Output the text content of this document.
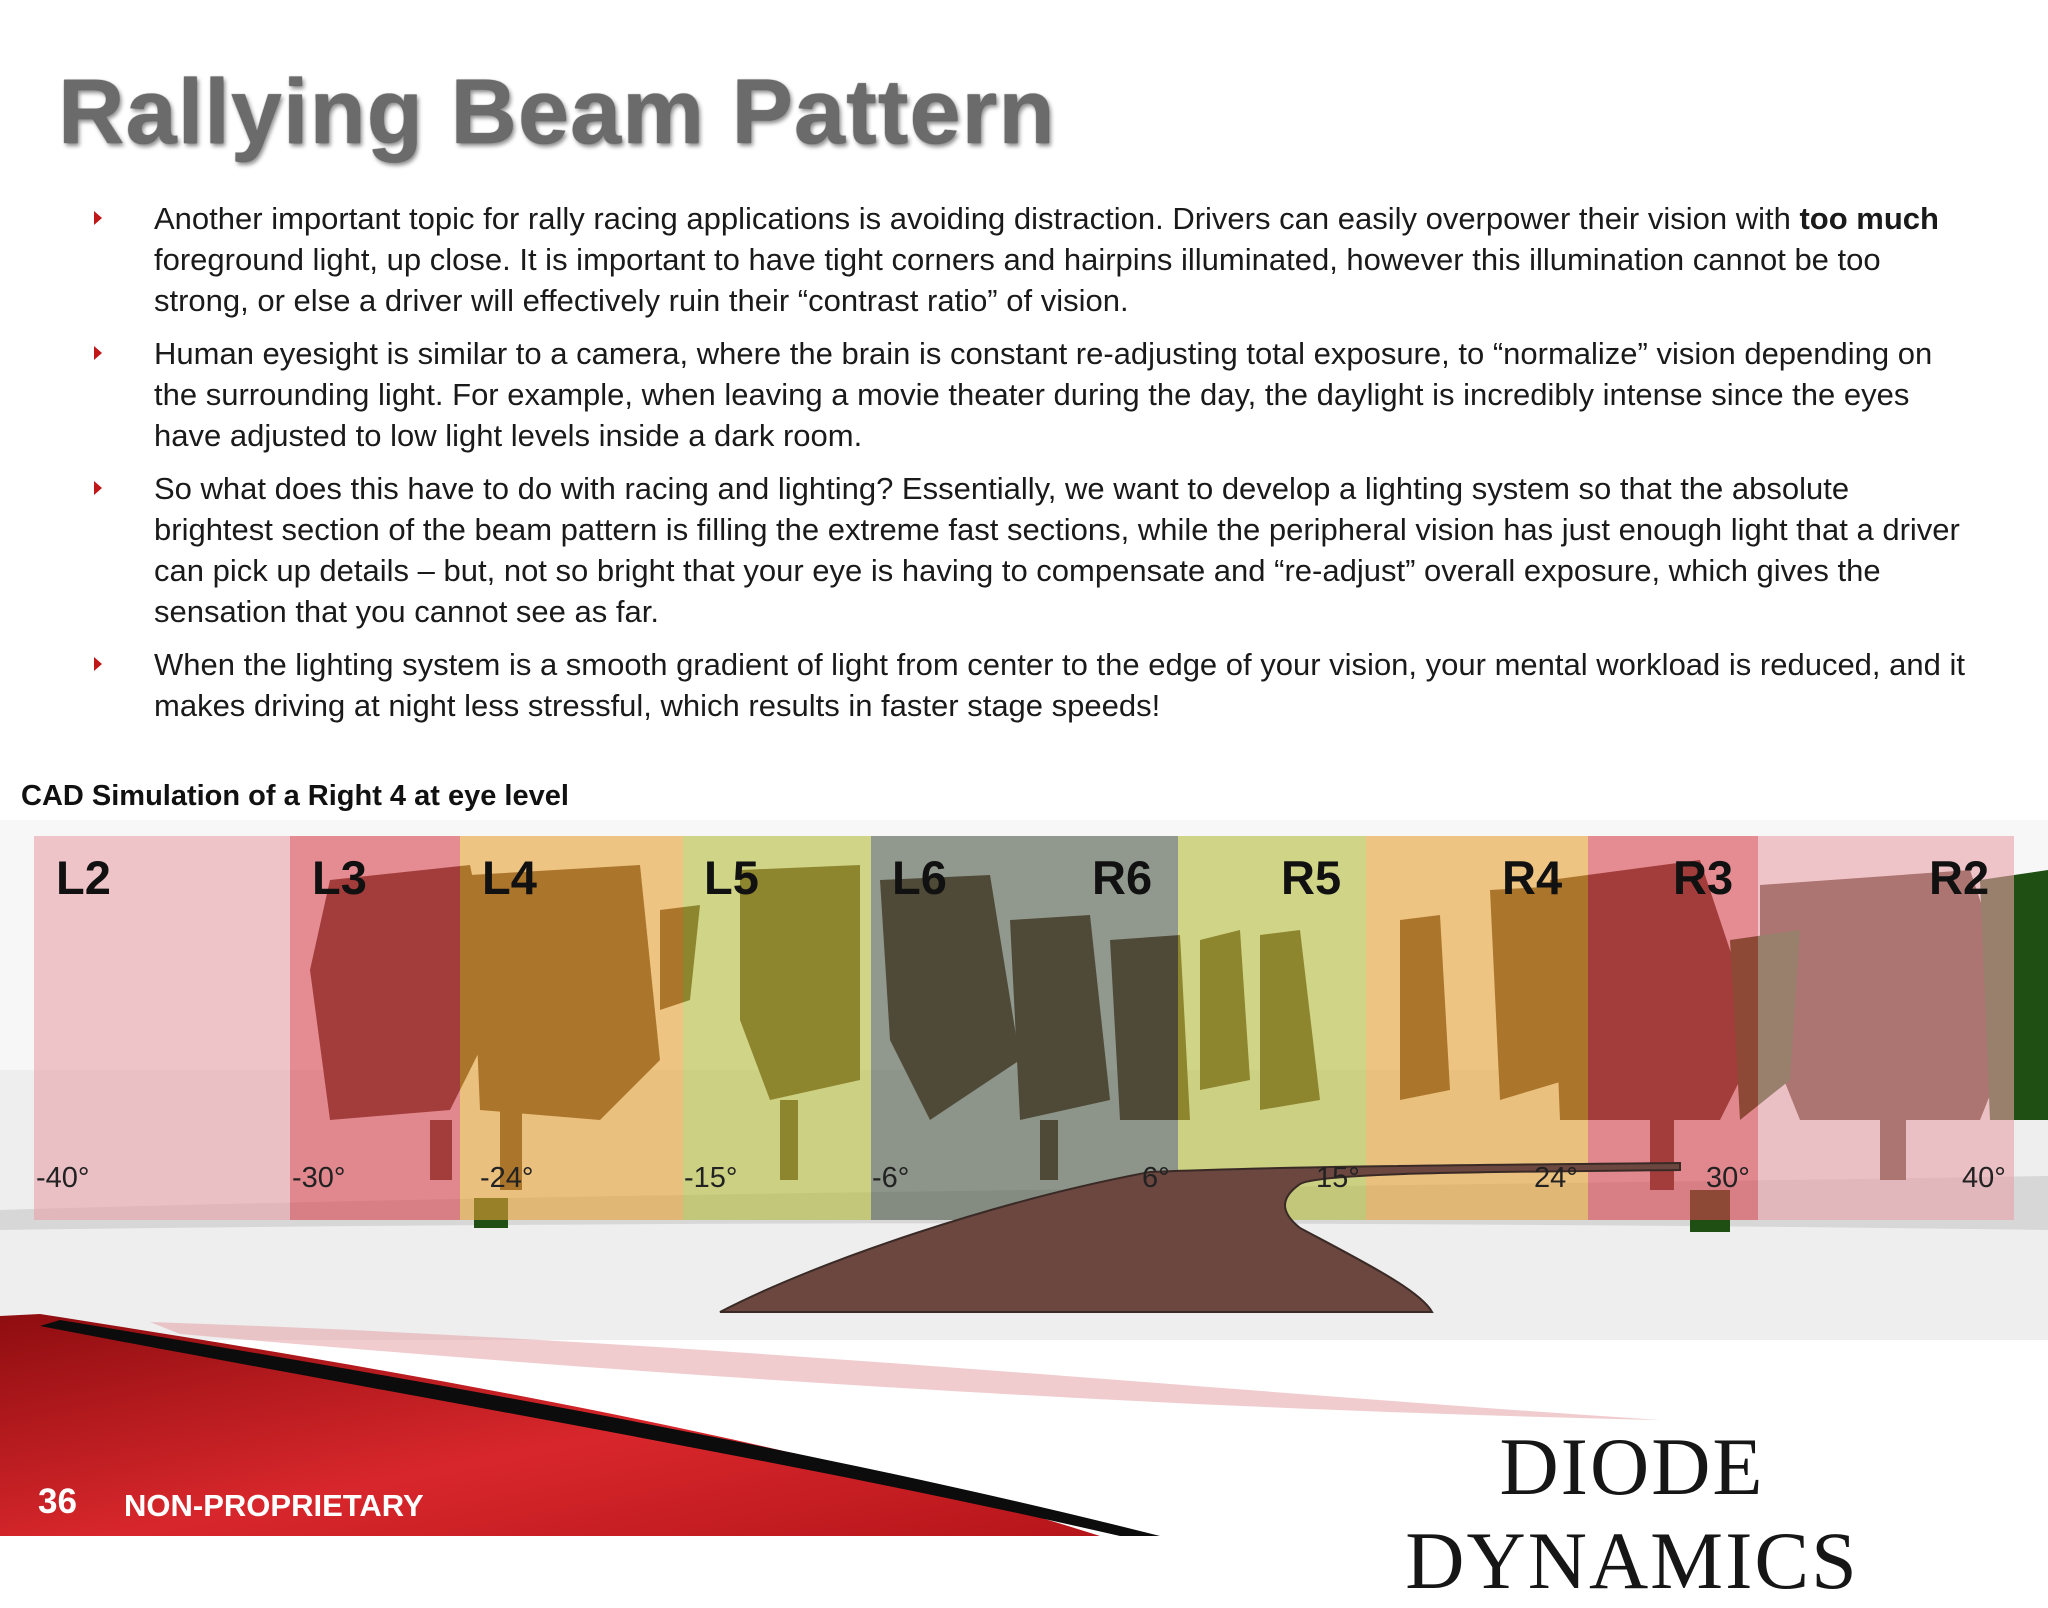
Rallying Beam Pattern
Another important topic for rally racing applications is avoiding distraction. Drivers can easily overpower their vision with too much foreground light, up close. It is important to have tight corners and hairpins illuminated, however this illumination cannot be too strong, or else a driver will effectively ruin their “contrast ratio” of vision.
Human eyesight is similar to a camera, where the brain is constant re-adjusting total exposure, to “normalize” vision depending on the surrounding light. For example, when leaving a movie theater during the day, the daylight is incredibly intense since the eyes have adjusted to low light levels inside a dark room.
So what does this have to do with racing and lighting? Essentially, we want to develop a lighting system so that the absolute brightest section of the beam pattern is filling the extreme fast sections, while the peripheral vision has just enough light that a driver can pick up details – but, not so bright that your eye is having to compensate and “re-adjust” overall exposure, which gives the sensation that you cannot see as far.
When the lighting system is a smooth gradient of light from center to the edge of your vision, your mental workload is reduced, and it makes driving at night less stressful, which results in faster stage speeds!
CAD Simulation of a Right 4 at eye level
L2	L3 L4	L5	L6	R6	R5	R4 R3	R2
-40°	-30°	-24°	-15°	-6°	6°	15°	24°	30°	40°
36 NON-PROPRIETARY	DIODE DYNAMICS
